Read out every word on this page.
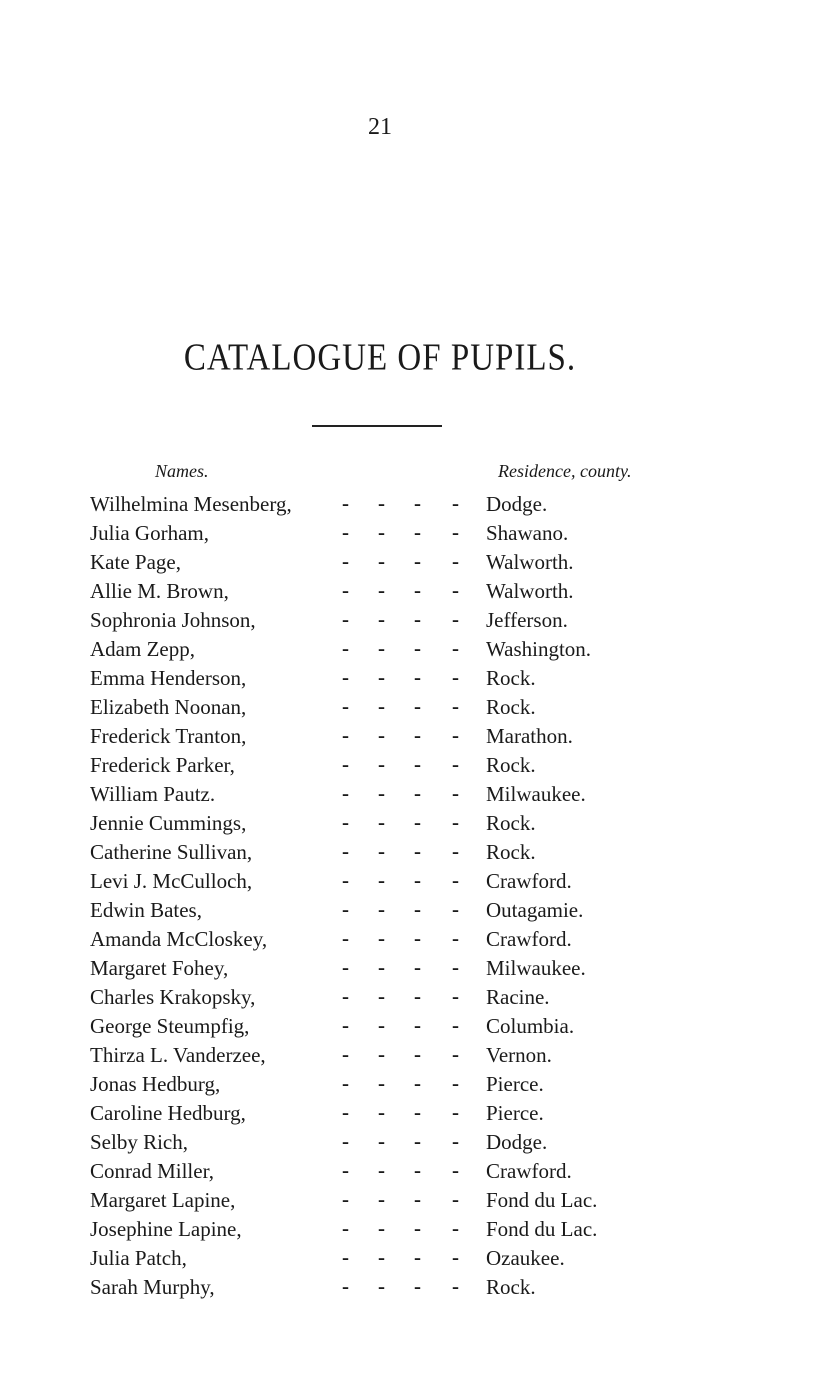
21
CATALOGUE OF PUPILS.
Names.	Residence, county.
Wilhelmina Mesenberg, - - - - Dodge.
Julia Gorham,	- - - - Shawano.
Kate Page,	- - - - Walworth.
Allie M. Brown,	- - - - Walworth.
Sophronia Johnson,	- - - - Jefferson.
Adam Zepp,	- - - - Washington.
Emma Henderson,	- - - - Rock.
Elizabeth Noonan,	- - - - Rock.
Frederick Tranton,	- - - - Marathon.
Frederick Parker,	- - - - Rock.
William Pautz.	- - - - Milwaukee.
Jennie Cummings,	- - - - Rock.
Catherine Sullivan,	- - - - Rock.
Levi J. McCulloch,	- - - - Crawford.
Edwin Bates,	- - - - Outagamie.
Amanda McCloskey,	- - - - Crawford.
Margaret Fohey,	- - - - Milwaukee.
Charles Krakopsky,	- - - - Racine.
George Steumpfig,	- - - - Columbia.
Thirza L. Vanderzee,	- - - - Vernon.
Jonas Hedburg,	- - - - Pierce.
Caroline Hedburg,	- - - - Pierce.
Selby Rich,	- - - - Dodge.
Conrad Miller,	- - - - Crawford.
Margaret Lapine,	- - - - Fond du Lac.
Josephine Lapine,	- - - - Fond du Lac.
Julia Patch,	- - - - Ozaukee.
Sarah Murphy,	- - - - Rock.
